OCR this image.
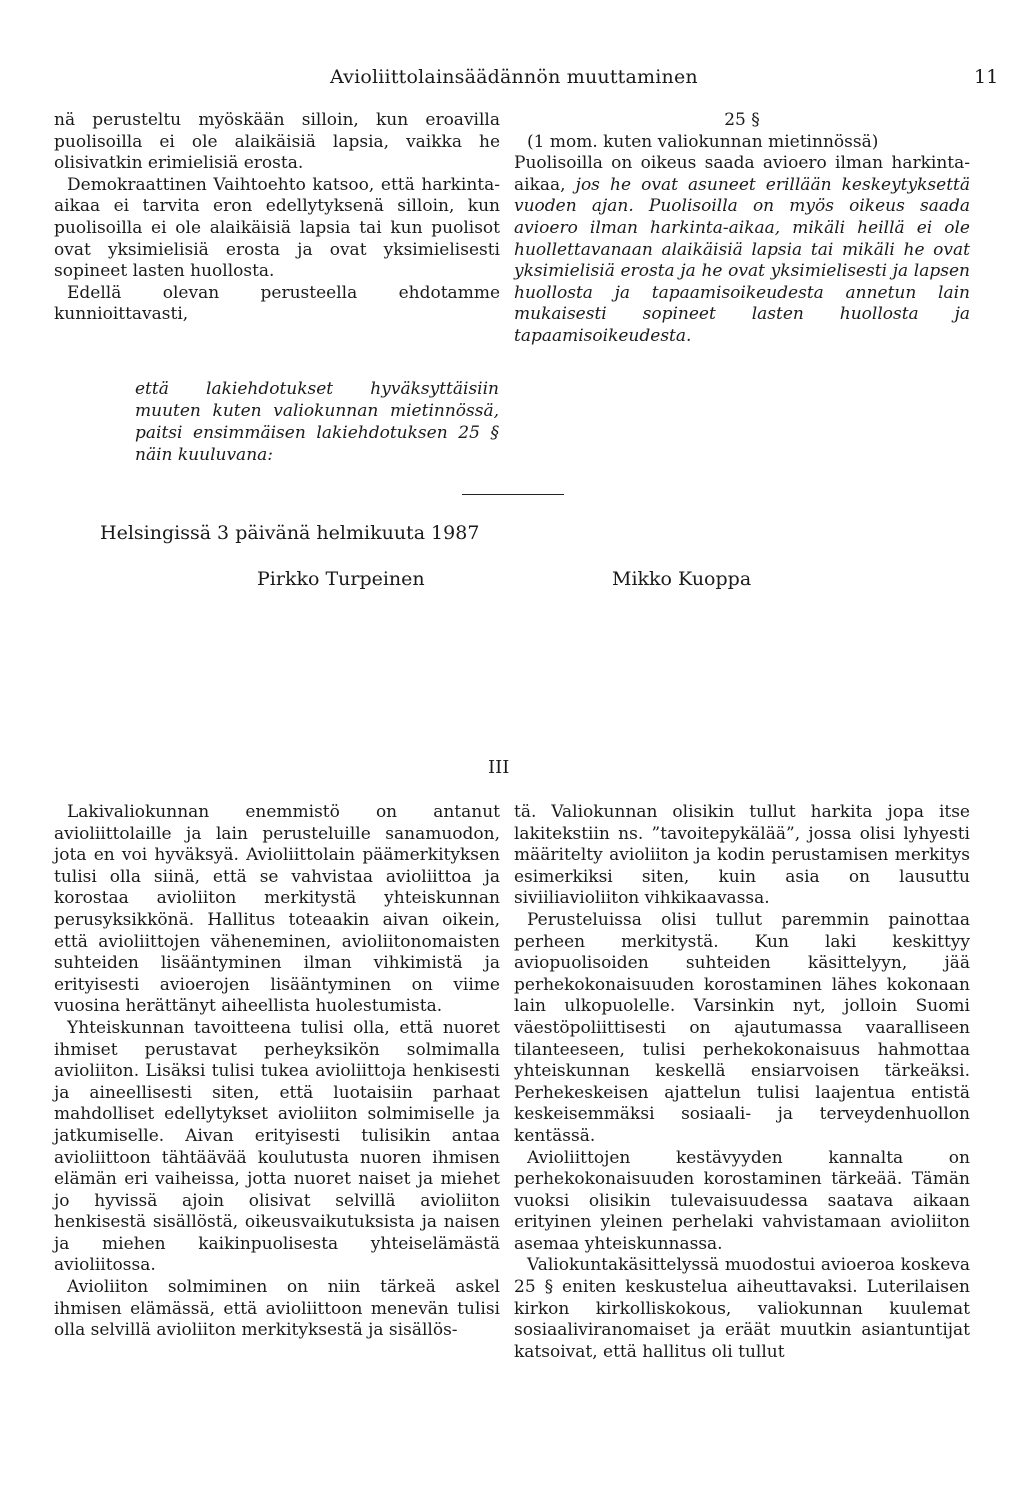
Avioliittolainsäädännön muuttaminen	11

nä perusteltu myöskään silloin, kun eroavilla puolisoilla ei ole alaikäisiä lapsia, vaikka he olisivatkin erimielisiä erosta.

Demokraattinen Vaihtoehto katsoo, että harkinta-aikaa ei tarvita eron edellytyksenä silloin, kun puolisoilla ei ole alaikäisiä lapsia tai kun puolisot ovat yksimielisiä erosta ja ovat yksimielisesti sopineet lasten huollosta.

Edellä olevan perusteella ehdotamme kunnioittavasti,

että lakiehdotukset hyväksyttäisiin muuten kuten valiokunnan mietinnössä, paitsi ensimmäisen lakiehdotuksen 25 § näin kuuluvana:

25 §

(1 mom. kuten valiokunnan mietinnössä)
Puolisoilla on oikeus saada avioero ilman harkinta-aikaa, jos he ovat asuneet erillään keskeytyksettä vuoden ajan. Puolisoilla on myös oikeus saada avioero ilman harkinta-aikaa, mikäli heillä ei ole huollettavanaan alaikäisiä lapsia tai mikäli he ovat yksimielisiä erosta ja he ovat yksimielisesti ja lapsen huollosta ja tapaamisoikeudesta annetun lain mukaisesti sopineet lasten huollosta ja tapaamisoikeudesta.

Helsingissä 3 päivänä helmikuuta 1987
Pirkko Turpeinen	Mikko Kuoppa
III

Lakivaliokunnan enemmistö on antanut avioliittolaille ja lain perusteluille sanamuodon, jota en voi hyväksyä. Avioliittolain päämerkityksen tulisi olla siinä, että se vahvistaa avioliittoa ja korostaa avioliiton merkitystä yhteiskunnan perusyksikkönä. Hallitus toteaakin aivan oikein, että avioliittojen väheneminen, avioliitonomaisten suhteiden lisääntyminen ilman vihkimistä ja erityisesti avioerojen lisääntyminen on viime vuosina herättänyt aiheellista huolestumista.

Yhteiskunnan tavoitteena tulisi olla, että nuoret ihmiset perustavat perheyksikön solmimalla avioliiton. Lisäksi tulisi tukea avioliittoja henkisesti ja aineellisesti siten, että luotaisiin parhaat mahdolliset edellytykset avioliiton solmimiselle ja jatkumiselle. Aivan erityisesti tulisikin antaa avioliittoon tähtäävää koulutusta nuoren ihmisen elämän eri vaiheissa, jotta nuoret naiset ja miehet jo hyvissä ajoin olisivat selvillä avioliiton henkisestä sisällöstä, oikeusvaikutuksista ja naisen ja miehen kaikinpuolisesta yhteiselämästä avioliitossa.

Avioliiton solmiminen on niin tärkeä askel ihmisen elämässä, että avioliittoon menevän tulisi olla selvillä avioliiton merkityksestä ja sisällös-

tä. Valiokunnan olisikin tullut harkita jopa itse lakitekstiin ns. ”tavoitepykälää”, jossa olisi lyhyesti määritelty avioliiton ja kodin perustamisen merkitys esimerkiksi siten, kuin asia on lausuttu siviiliavioliiton vihkikaavassa.

Perusteluissa olisi tullut paremmin painottaa perheen merkitystä. Kun laki keskittyy aviopuolisoiden suhteiden käsittelyyn, jää perhekokonaisuuden korostaminen lähes kokonaan lain ulkopuolelle. Varsinkin nyt, jolloin Suomi väestöpoliittisesti on ajautumassa vaaralliseen tilanteeseen, tulisi perhekokonaisuus hahmottaa yhteiskunnan keskellä ensiarvoisen tärkeäksi. Perhekeskeisen ajattelun tulisi laajentua entistä keskeisemmäksi sosiaali- ja terveydenhuollon kentässä.

Avioliittojen kestävyyden kannalta on perhekokonaisuuden korostaminen tärkeää. Tämän vuoksi olisikin tulevaisuudessa saatava aikaan erityinen yleinen perhelaki vahvistamaan avioliiton asemaa yhteiskunnassa.

Valiokuntakäsittelyssä muodostui avioeroa koskeva 25 § eniten keskustelua aiheuttavaksi. Luterilaisen kirkon kirkolliskokous, valiokunnan kuulemat sosiaaliviranomaiset ja eräät muutkin asiantuntijat katsoivat, että hallitus oli tullut
